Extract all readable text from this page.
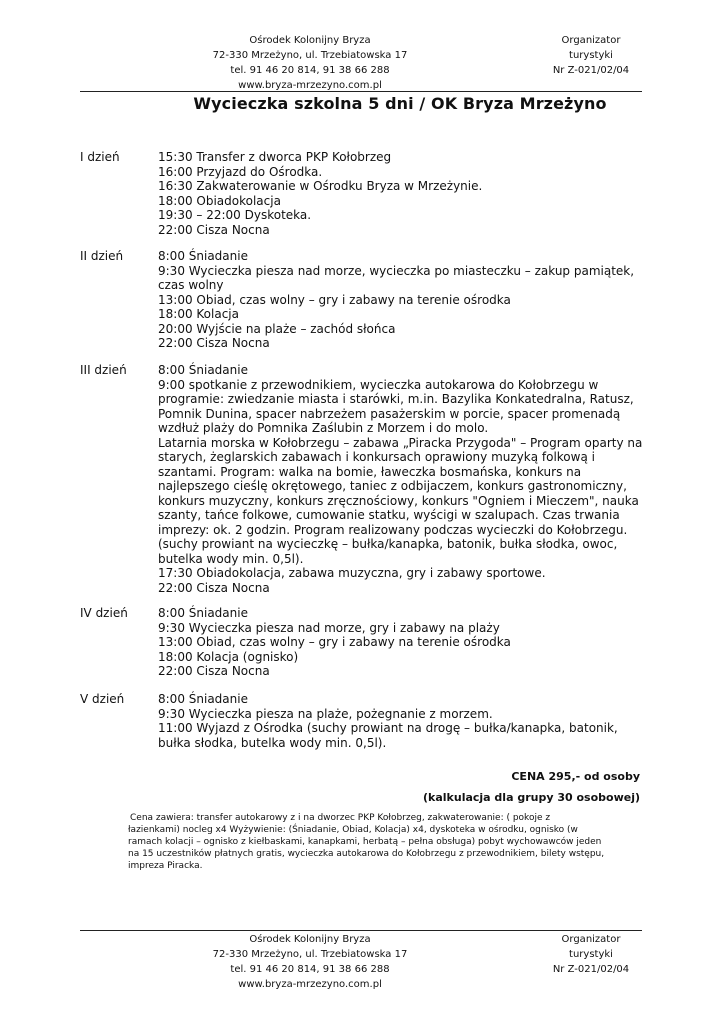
Ośrodek Kolonijny Bryza
72-330 Mrzeżyno, ul. Trzebiatowska 17
tel. 91 46 20 814, 91 38 66 288
www.bryza-mrzezyno.com.pl
Organizator
turystyki
Nr Z-021/02/04
Wycieczka szkolna 5 dni / OK Bryza Mrzeżyno
I dzień	15:30 Transfer z dworca PKP Kołobrzeg
16:00 Przyjazd do Ośrodka.
16:30 Zakwaterowanie w Ośrodku Bryza w Mrzeżynie.
18:00 Obiadokolacja
19:30 – 22:00 Dyskoteka.
22:00 Cisza Nocna
II dzień	8:00 Śniadanie
9:30 Wycieczka piesza nad morze, wycieczka po miasteczku – zakup pamiątek,
czas wolny
13:00 Obiad, czas wolny – gry i zabawy na terenie ośrodka
18:00 Kolacja
20:00 Wyjście na plaże – zachód słońca
22:00 Cisza Nocna
III dzień	8:00 Śniadanie
9:00 spotkanie z przewodnikiem, wycieczka autokarowa do Kołobrzegu w
programie: zwiedzanie miasta i starówki, m.in. Bazylika Konkatedralna, Ratusz,
Pomnik Dunina, spacer nabrzeżem pasażerskim w porcie, spacer promenadą
wzdłuż plaży do Pomnika Zaślubin z Morzem i do molo.
Latarnia morska w Kołobrzegu – zabawa „Piracka Przygoda" – Program oparty na
starych, żeglarskich zabawach i konkursach oprawiony muzyką folkową i
szantami. Program: walka na bomie, ławeczka bosmańska, konkurs na
najlepszego cieślę okrętowego, taniec z odbijaczem, konkurs gastronomiczny,
konkurs muzyczny, konkurs zręcznościowy, konkurs "Ogniem i Mieczem", nauka
szanty, tańce folkowe, cumowanie statku, wyścigi w szalupach. Czas trwania
imprezy: ok. 2 godzin. Program realizowany podczas wycieczki do Kołobrzegu.
(suchy prowiant na wycieczkę – bułka/kanapka, batonik, bułka słodka, owoc,
butelka wody min. 0,5l).
17:30 Obiadokolacja, zabawa muzyczna, gry i zabawy sportowe.
22:00 Cisza Nocna
IV dzień	8:00 Śniadanie
9:30 Wycieczka piesza nad morze, gry i zabawy na plaży
13:00 Obiad, czas wolny – gry i zabawy na terenie ośrodka
18:00 Kolacja (ognisko)
22:00 Cisza Nocna
V dzień	8:00 Śniadanie
9:30 Wycieczka piesza na plaże, pożegnanie z morzem.
11:00 Wyjazd z Ośrodka (suchy prowiant na drogę – bułka/kanapka, batonik,
bułka słodka, butelka wody min. 0,5l).
CENA 295,- od osoby
(kalkulacja dla grupy 30 osobowej)
Cena zawiera: transfer autokarowy z i na dworzec PKP Kołobrzeg, zakwaterowanie: ( pokoje z
łazienkami) nocleg x4 Wyżywienie: (Śniadanie, Obiad, Kolacja) x4, dyskoteka w ośrodku, ognisko (w
ramach kolacji – ognisko z kiełbaskami, kanapkami, herbatą – pełna obsługa) pobyt wychowawców jeden
na 15 uczestników płatnych gratis, wycieczka autokarowa do Kołobrzegu z przewodnikiem, bilety wstępu,
impreza Piracka.
Ośrodek Kolonijny Bryza
72-330 Mrzeżyno, ul. Trzebiatowska 17
tel. 91 46 20 814, 91 38 66 288
www.bryza-mrzezyno.com.pl
Organizator
turystyki
Nr Z-021/02/04
